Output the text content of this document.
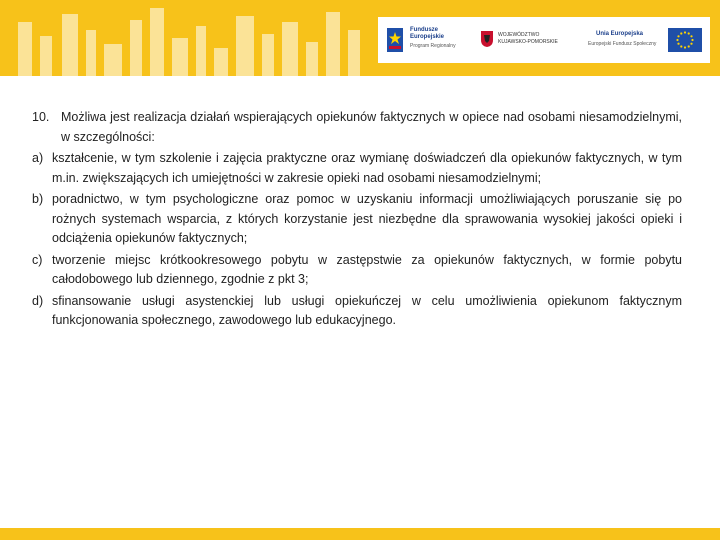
Fundusze
Europejskie
Program Regionalny
WOJEWÓDZTWO
KUJAWSKO-POMORSKIE
Unia Europejska
Europejski Fundusz Społeczny
10. Możliwa jest realizacja działań wspierających opiekunów faktycznych w opiece nad osobami niesamodzielnymi, w szczególności:
a) kształcenie, w tym szkolenie i zajęcia praktyczne oraz wymianę doświadczeń dla opiekunów faktycznych, w tym m.in. zwiększających ich umiejętności w zakresie opieki nad osobami niesamodzielnymi;
b) poradnictwo, w tym psychologiczne oraz pomoc w uzyskaniu informacji umożliwiających poruszanie się po rożnych systemach wsparcia, z których korzystanie jest niezbędne dla sprawowania wysokiej jakości opieki i odciążenia opiekunów faktycznych;
c) tworzenie miejsc krótkookresowego pobytu w zastępstwie za opiekunów faktycznych, w formie pobytu całodobowego lub dziennego, zgodnie z pkt 3;
d) sfinansowanie usługi asystenckiej lub usługi opiekuńczej w celu umożliwienia opiekunom faktycznym funkcjonowania społecznego, zawodowego lub edukacyjnego.
